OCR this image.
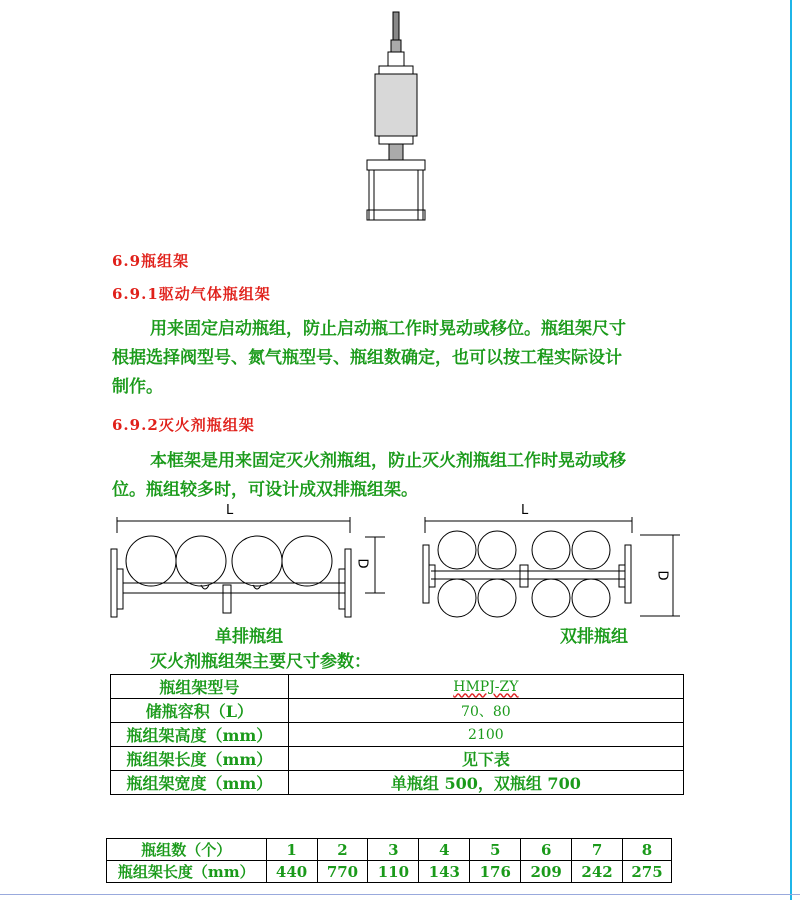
6.9瓶组架
6.9.1驱动气体瓶组架
用来固定启动瓶组，防止启动瓶工作时晃动或移位。瓶组架尺寸
根据选择阀型号、氮气瓶型号、瓶组数确定，也可以按工程实际设计
制作。
6.9.2灭火剂瓶组架
本框架是用来固定灭火剂瓶组，防止灭火剂瓶组工作时晃动或移
位。瓶组较多时，可设计成双排瓶组架。
L
D
L
D
单排瓶组	双排瓶组
灭火剂瓶组架主要尺寸参数：
瓶组架型号	HMPJ-ZY
储瓶容积（L）	70、80
瓶组架高度（mm）	2100
瓶组架长度（mm）	见下表
瓶组架宽度（mm）	单瓶组 500，双瓶组 700
瓶组数（个）	1	2	3	4	5	6	7	8
瓶组架长度（mm）	440	770	110	143	176	209	242	275
